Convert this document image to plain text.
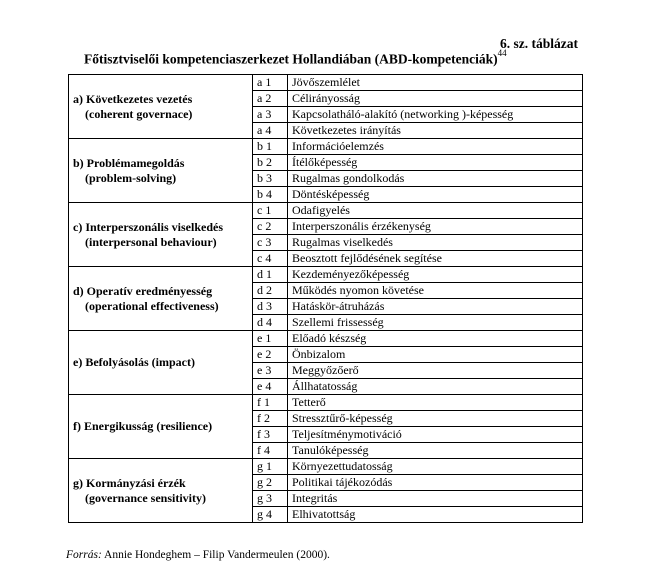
6. sz. táblázat
Főtisztviselői kompetenciaszerkezet Hollandiában (ABD-kompetenciák)$^{44}$
a) Következetes vezetés
(coherent governace)	a 1	Jövőszemlélet
	a 2	Célirányosság
	a 3	Kapcsolatháló-alakító (networking )-képesség
	a 4	Következetes irányítás

b) Problémamegoldás
(problem-solving)	b 1	Információelemzés
	b 2	Ítélőképesség
	b 3	Rugalmas gondolkodás
	b 4	Döntésképesség

c) Interperszonális viselkedés
(interpersonal behaviour)	c 1	Odafigyelés
	c 2	Interperszonális érzékenység
	c 3	Rugalmas viselkedés
	c 4	Beosztott fejlődésének segítése

d) Operatív eredményesség
(operational effectiveness)	d 1	Kezdeményezőképesség
	d 2	Működés nyomon követése
	d 3	Hatáskör-átruházás
	d 4	Szellemi frissesség

e) Befolyásolás (impact)	e 1	Előadó készség
	e 2	Önbizalom
	e 3	Meggyőzőerő
	e 4	Állhatatosság

f) Energikusság (resilience)	f 1	Tetterő
	f 2	Stressztűrő-képesség
	f 3	Teljesítménymotiváció
	f 4	Tanulóképesség

g) Kormányzási érzék
(governance sensitivity)	g 1	Környezettudatosság
	g 2	Politikai tájékozódás
	g 3	Integritás
	g 4	Elhivatottság
Forrás: Annie Hondeghem – Filip Vandermeulen (2000).
